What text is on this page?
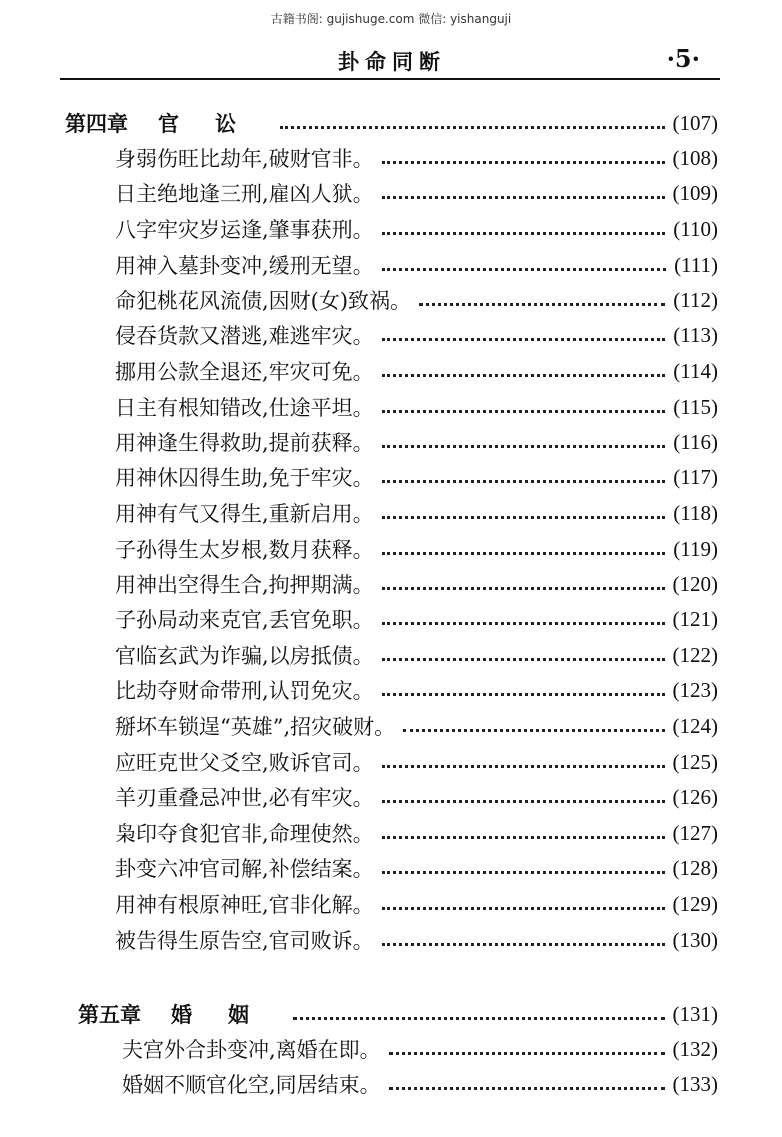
古籍书阁: gujishuge.com 微信: yishanguji
卦命同断	·5·
第四章 官讼	(107)
身弱伤旺比劫年,破财官非。	(108)
日主绝地逢三刑,雇凶人狱。	(109)
八字牢灾岁运逢,肇事获刑。	(110)
用神入墓卦变冲,缓刑无望。	(111)
命犯桃花风流债,因财(女)致祸。	(112)
侵吞货款又潜逃,难逃牢灾。	(113)
挪用公款全退还,牢灾可免。	(114)
日主有根知错改,仕途平坦。	(115)
用神逢生得救助,提前获释。	(116)
用神休囚得生助,免于牢灾。	(117)
用神有气又得生,重新启用。	(118)
子孙得生太岁根,数月获释。	(119)
用神出空得生合,拘押期满。	(120)
子孙局动来克官,丢官免职。	(121)
官临玄武为诈骗,以房抵债。	(122)
比劫夺财命带刑,认罚免灾。	(123)
掰坏车锁逞“英雄”,招灾破财。	(124)
应旺克世父爻空,败诉官司。	(125)
羊刃重叠忌冲世,必有牢灾。	(126)
枭印夺食犯官非,命理使然。	(127)
卦变六冲官司解,补偿结案。	(128)
用神有根原神旺,官非化解。	(129)
被告得生原告空,官司败诉。	(130)
第五章 婚姻	(131)
夫宫外合卦变冲,离婚在即。	(132)
婚姻不顺官化空,同居结束。	(133)
